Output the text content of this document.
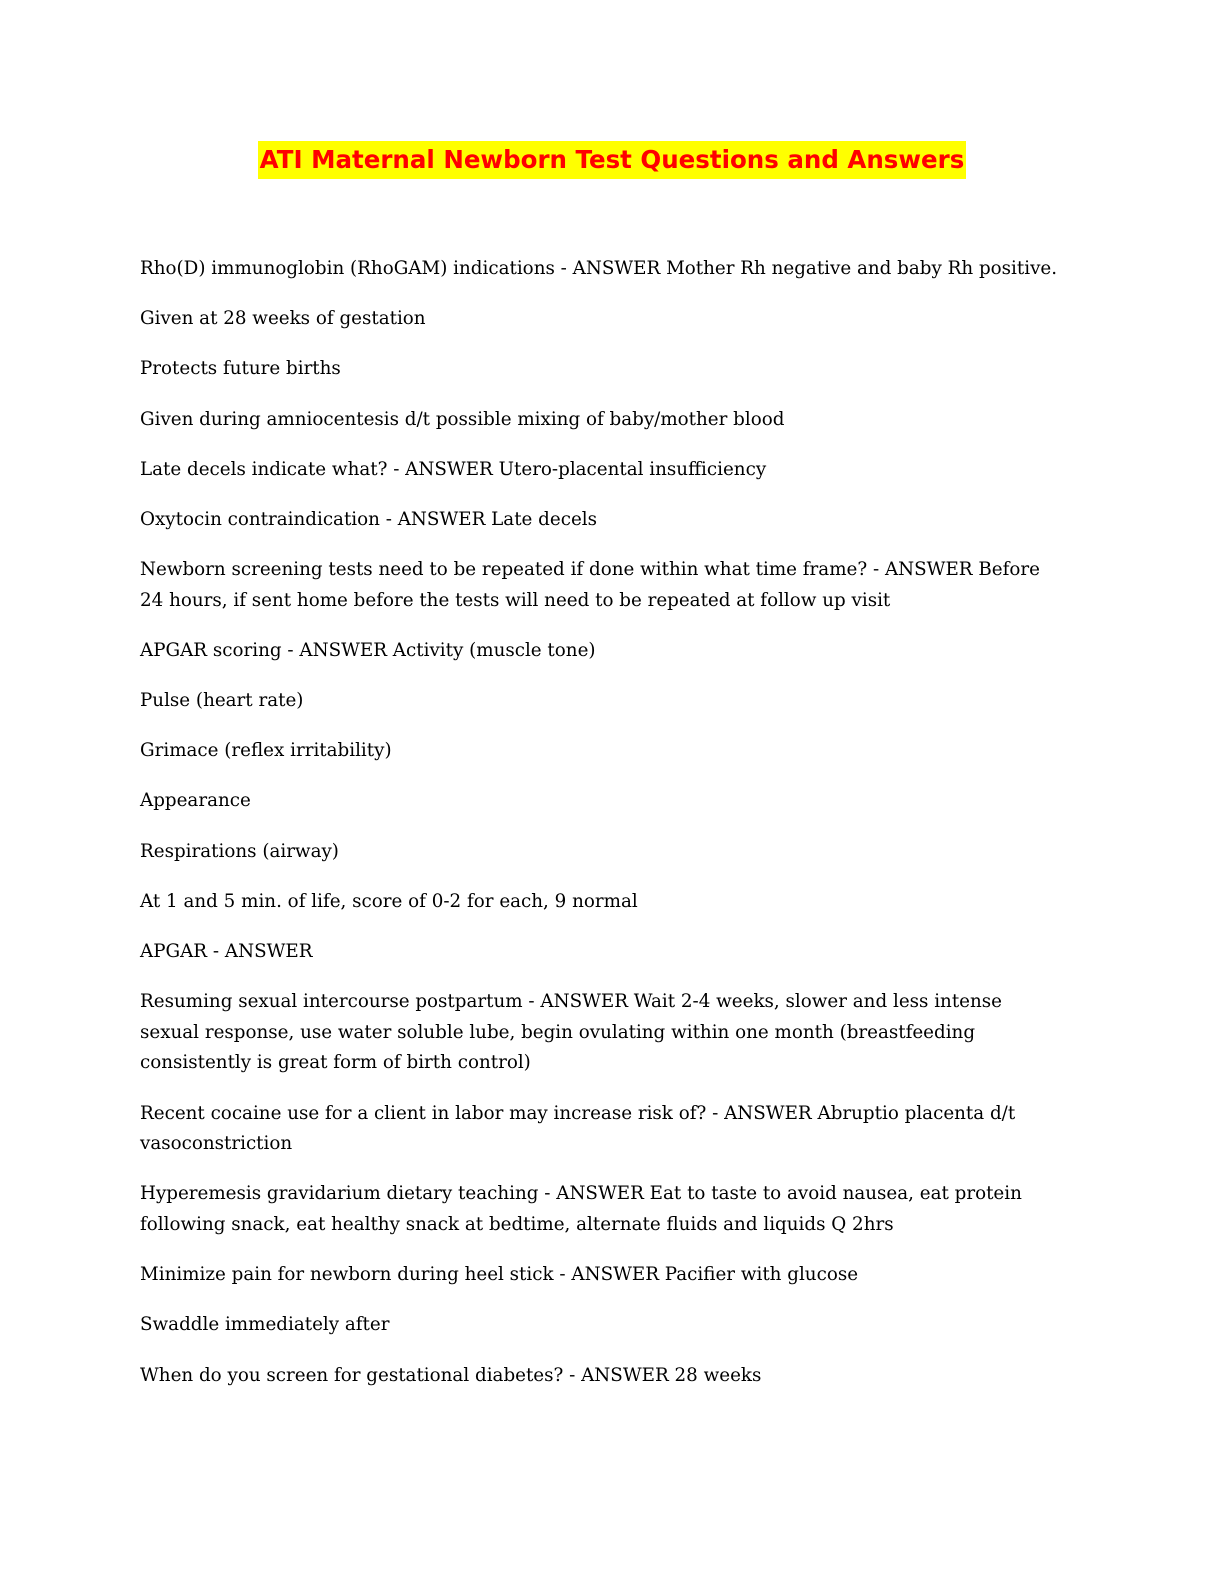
ATI Maternal Newborn Test Questions and Answers

Rho(D) immunoglobin (RhoGAM) indications - ANSWER Mother Rh negative and baby Rh positive.

Given at 28 weeks of gestation

Protects future births

Given during amniocentesis d/t possible mixing of baby/mother blood

Late decels indicate what? - ANSWER Utero-placental insufficiency

Oxytocin contraindication - ANSWER Late decels

Newborn screening tests need to be repeated if done within what time frame? - ANSWER Before 24 hours, if sent home before the tests will need to be repeated at follow up visit

APGAR scoring - ANSWER Activity (muscle tone)

Pulse (heart rate)

Grimace (reflex irritability)

Appearance

Respirations (airway)

At 1 and 5 min. of life, score of 0-2 for each, 9 normal

APGAR - ANSWER

Resuming sexual intercourse postpartum - ANSWER Wait 2-4 weeks, slower and less intense sexual response, use water soluble lube, begin ovulating within one month (breastfeeding consistently is great form of birth control)

Recent cocaine use for a client in labor may increase risk of? - ANSWER Abruptio placenta d/t vasoconstriction

Hyperemesis gravidarium dietary teaching - ANSWER Eat to taste to avoid nausea, eat protein following snack, eat healthy snack at bedtime, alternate fluids and liquids Q 2hrs

Minimize pain for newborn during heel stick - ANSWER Pacifier with glucose

Swaddle immediately after

When do you screen for gestational diabetes? - ANSWER 28 weeks
